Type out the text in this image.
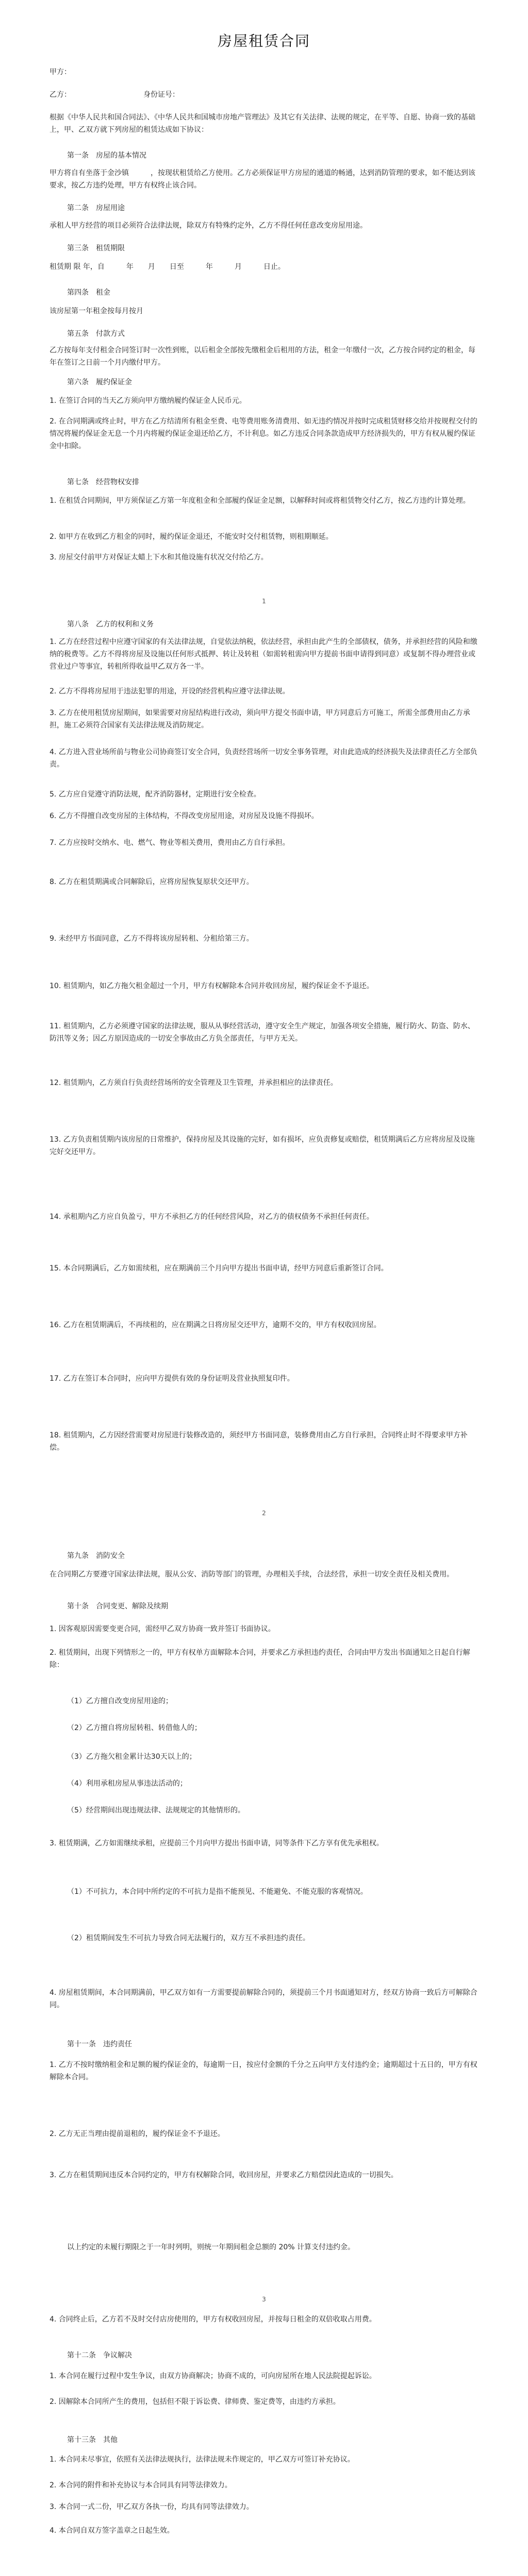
房屋租赁合同
甲方：
乙方：	身份证号：
根据《中华人民共和国合同法》、《中华人民共和国城市房地产管理法》及其它有关法律、法规的规定，在平等、自愿、协商一致的基础上，甲、乙双方就下列房屋的租赁达成如下协议：
第一条　房屋的基本情况
甲方将自有坐落于金沙镇　　　，按现状租赁给乙方使用。乙方必须保证甲方房屋的通道的畅通，达到消防管理的要求，如不能达到该要求，按乙方违约处理，甲方有权终止该合同。
第二条　房屋用途
承租人甲方经营的项目必须符合法律法规，除双方有特殊约定外，乙方不得任何任意改变房屋用途。
第三条　租赁期限
租赁期 限 年，自　　　年　　月　　日至　　　年　　　月　　　日止。
第四条　租金
该房屋第一年租金按每月按月
第五条　付款方式
乙方按每年支付租金合同签订时一次性到账，以后租金全部按先缴租金后租用的方法，租金一年缴付一次，乙方按合同约定的租金，每年在签订之日前一个月内缴付甲方。
第六条　履约保证金
1. 在签订合同的当天乙方须向甲方缴纳履约保证金人民币元。
2. 在合同期满或终止时，甲方在乙方结清所有租金至费、电等费用账务清费用、如无违约情况并按时完成租赁财移交给并按规程交付的情况将履约保证金无息一个月内将履约保证金退还给乙方，不计利息。如乙方违反合同条款造成甲方经济损失的，甲方有权从履约保证金中扣除。
第七条　经营物权安排
1. 在租赁合同期间，甲方须保证乙方第一年度租金和全部履约保证金足额，以解释时间或将租赁物交付乙方，按乙方违约计算处理。
2. 如甲方在收到乙方租金的同时，履约保证金退还，不能安时交付租赁物，则租期顺延。
3. 房屋交付前甲方对保证太蜡上下水和其他设施有状况交付给乙方。
1
第八条　乙方的权利和义务
1. 乙方在经营过程中应遵守国家的有关法律法规，自觉依法纳税，依法经营，承担由此产生的全部债权，债务，并承担经营的风险和缴纳的税费等。乙方不得将房屋及设施以任何形式抵押、转让及转租（如需转租需向甲方提前书面申请得到同意）或复制不得办理营业或营业过户等事宜，转租所得收益甲乙双方各一半。
2. 乙方不得将房屋用于违法犯罪的用途，开设的经营机构应遵守法律法规。
3. 乙方在使用租赁房屋期间，如果需要对房屋结构进行改动，须向甲方提交书面申请，甲方同意后方可施工，所需全部费用由乙方承担，施工必须符合国家有关法律法规及消防规定。
4. 乙方进入营业场所前与物业公司协商签订安全合同，负责经营场所一切安全事务管理，对由此造成的经济损失及法律责任乙方全部负责。
5. 乙方应自觉遵守消防法规，配齐消防器材，定期进行安全检查。
6. 乙方不得擅自改变房屋的主体结构，不得改变房屋用途，对房屋及设施不得损坏。
7. 乙方应按时交纳水、电、燃气、物业等相关费用，费用由乙方自行承担。
8. 乙方在租赁期满或合同解除后，应将房屋恢复原状交还甲方。
9. 未经甲方书面同意，乙方不得将该房屋转租、分租给第三方。
10. 租赁期内，如乙方拖欠租金超过一个月，甲方有权解除本合同并收回房屋，履约保证金不予退还。
11. 租赁期内，乙方必须遵守国家的法律法规，服从从事经营活动，遵守安全生产规定，加强各项安全措施，履行防火、防盗、防水、防汛等义务；因乙方原因造成的一切安全事故由乙方负全部责任，与甲方无关。
12. 租赁期内，乙方须自行负责经营场所的安全管理及卫生管理，并承担相应的法律责任。
13. 乙方负责租赁期内该房屋的日常维护，保持房屋及其设施的完好，如有损坏，应负责修复或赔偿，租赁期满后乙方应将房屋及设施完好交还甲方。
14. 承租期内乙方应自负盈亏，甲方不承担乙方的任何经营风险，对乙方的债权债务不承担任何责任。
15. 本合同期满后，乙方如需续租，应在期满前三个月向甲方提出书面申请，经甲方同意后重新签订合同。
16. 乙方在租赁期满后，不再续租的，应在期满之日将房屋交还甲方，逾期不交的，甲方有权收回房屋。
17. 乙方在签订本合同时，应向甲方提供有效的身份证明及营业执照复印件。
18. 租赁期内，乙方因经营需要对房屋进行装修改造的，须经甲方书面同意，装修费用由乙方自行承担，合同终止时不得要求甲方补偿。
2
第九条　消防安全
在合同期乙方要遵守国家法律法规，服从公安、消防等部门的管理，办理相关手续，合法经营，承担一切安全责任及相关费用。
第十条　合同变更、解除及续期
1. 因客观原因需要变更合同，需经甲乙双方协商一致并签订书面协议。
2. 租赁期间，出现下列情形之一的，甲方有权单方面解除本合同，并要求乙方承担违约责任，合同由甲方发出书面通知之日起自行解除：
（1）乙方擅自改变房屋用途的；
（2）乙方擅自将房屋转租、转借他人的；
（3）乙方拖欠租金累计达30天以上的；
（4）利用承租房屋从事违法活动的；
（5）经营期间出现违规法律、法规规定的其他情形的。
3. 租赁期满，乙方如需继续承租，应提前三个月向甲方提出书面申请，同等条件下乙方享有优先承租权。
（1）不可抗力，本合同中所约定的不可抗力是指不能预见、不能避免、不能克服的客观情况。
（2）租赁期间发生不可抗力导致合同无法履行的，双方互不承担违约责任。
4. 房屋租赁期间，本合同期满前，甲乙双方如有一方需要提前解除合同的，须提前三个月书面通知对方，经双方协商一致后方可解除合同。
第十一条　违约责任
1. 乙方不按时缴纳租金和足额的履约保证金的，每逾期一日，按应付金额的千分之五向甲方支付违约金；逾期超过十五日的，甲方有权解除本合同。
2. 乙方无正当理由提前退租的，履约保证金不予退还。
3. 乙方在租赁期间违反本合同约定的，甲方有权解除合同，收回房屋，并要求乙方赔偿因此造成的一切损失。
以上约定的未履行期限之于一年时列明，则统一年期间租金总额的 20% 计算支付违约金。
3
4. 合同终止后，乙方若不及时交付店房使用的，甲方有权收回房屋，并按每日租金的双倍收取占用费。
第十二条　争议解决
1. 本合同在履行过程中发生争议，由双方协商解决；协商不成的，可向房屋所在地人民法院提起诉讼。
2. 因解除本合同所产生的费用，包括但不限于诉讼费、律师费、鉴定费等，由违约方承担。
第十三条　其他
1. 本合同未尽事宜，依照有关法律法规执行，法律法规未作规定的，甲乙双方可签订补充协议。
2. 本合同的附件和补充协议与本合同具有同等法律效力。
3. 本合同一式二份，甲乙双方各执一份，均具有同等法律效力。
4. 本合同自双方签字盖章之日起生效。
